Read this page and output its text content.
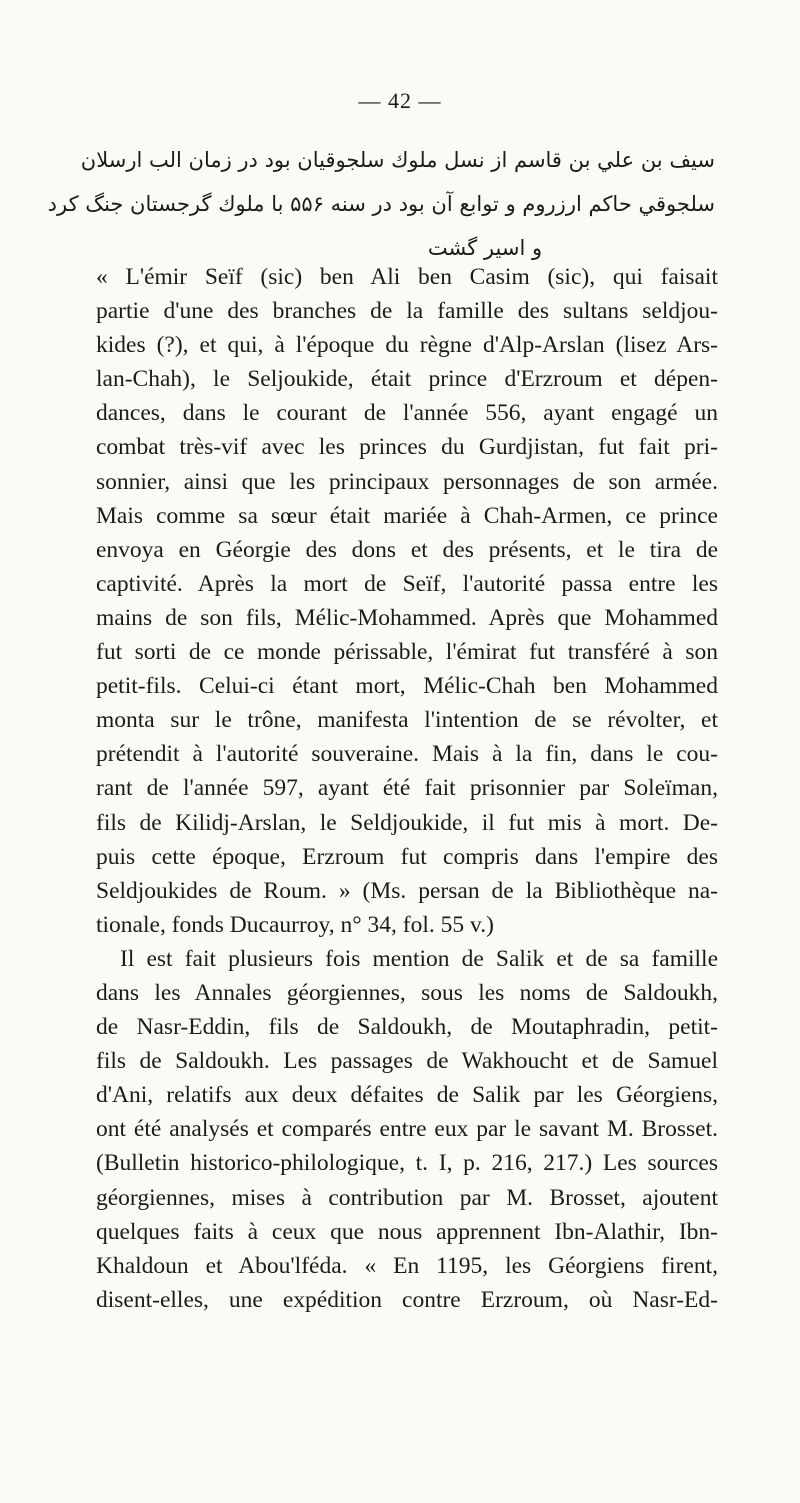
— 42 —
سيف بن علي بن قاسم از نسل ملوك سلجوقيان بود در زمان الب ارسلان
سلجوقي حاكم ارزروم و توابع آن بود در سنه ۵۵۶ با ملوك گرجستان جنگ كرد
و اسير گشت
« L'émir Seïf (sic) ben Ali ben Casim (sic), qui faisait
partie d'une des branches de la famille des sultans seldjou-
kides (?), et qui, à l'époque du règne d'Alp-Arslan (lisez Ars-
lan-Chah), le Seljoukide, était prince d'Erzroum et dépen-
dances, dans le courant de l'année 556, ayant engagé un
combat très-vif avec les princes du Gurdjistan, fut fait pri-
sonnier, ainsi que les principaux personnages de son armée.
Mais comme sa sœur était mariée à Chah-Armen, ce prince
envoya en Géorgie des dons et des présents, et le tira de
captivité. Après la mort de Seïf, l'autorité passa entre les
mains de son fils, Mélic-Mohammed. Après que Mohammed
fut sorti de ce monde périssable, l'émirat fut transféré à son
petit-fils. Celui-ci étant mort, Mélic-Chah ben Mohammed
monta sur le trône, manifesta l'intention de se révolter, et
prétendit à l'autorité souveraine. Mais à la fin, dans le cou-
rant de l'année 597, ayant été fait prisonnier par Soleïman,
fils de Kilidj-Arslan, le Seldjoukide, il fut mis à mort. De-
puis cette époque, Erzroum fut compris dans l'empire des
Seldjoukides de Roum. » (Ms. persan de la Bibliothèque na-
tionale, fonds Ducaurroy, n° 34, fol. 55 v.)
Il est fait plusieurs fois mention de Salik et de sa famille
dans les Annales géorgiennes, sous les noms de Saldoukh,
de Nasr-Eddin, fils de Saldoukh, de Moutaphradin, petit-
fils de Saldoukh. Les passages de Wakhoucht et de Samuel
d'Ani, relatifs aux deux défaites de Salik par les Géorgiens,
ont été analysés et comparés entre eux par le savant M. Brosset.
(Bulletin historico-philologique, t. I, p. 216, 217.) Les sources
géorgiennes, mises à contribution par M. Brosset, ajoutent
quelques faits à ceux que nous apprennent Ibn-Alathir, Ibn-
Khaldoun et Abou'lféda. « En 1195, les Géorgiens firent,
disent-elles, une expédition contre Erzroum, où Nasr-Ed-
